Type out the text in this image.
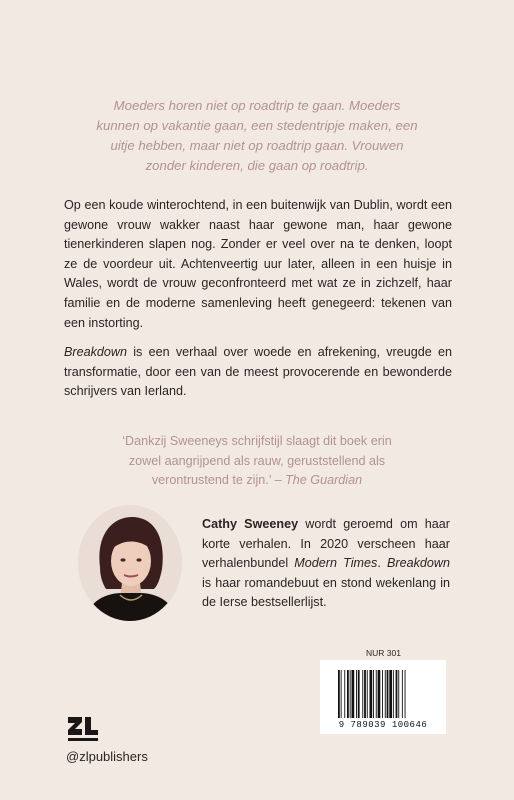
Moeders horen niet op roadtrip te gaan. Moeders

kunnen op vakantie gaan, een stedentripje maken, een

uitje hebben, maar niet op roadtrip gaan. Vrouwen

zonder kinderen, die gaan op roadtrip.

Op een koude winterochtend, in een buitenwijk van Dublin, wordt een gewone vrouw wakker naast haar gewone man, haar gewone tienerkinderen slapen nog. Zonder er veel over na te denken, loopt ze de voordeur uit. Achtenveertig uur later, alleen in een huisje in Wales, wordt de vrouw geconfronteerd met wat ze in zichzelf, haar familie en de moderne samenleving heeft genegeerd: tekenen van een instorting.

Breakdown is een verhaal over woede en afrekening, vreugde en transformatie, door een van de meest provocerende en bewonderde schrijvers van Ierland.

‘Dankzij Sweeneys schrijfstijl slaagt dit boek erin

zowel aangrijpend als rauw, geruststellend als

verontrustend te zijn.’ – The Guardian

Cathy Sweeney wordt geroemd om haar korte verhalen. In 2020 verscheen haar verhalenbundel Modern Times. Breakdown is haar romandebuut en stond wekenlang in de Ierse bestsellerlijst.

NUR 301
9 789039 100646
@zlpublishers
